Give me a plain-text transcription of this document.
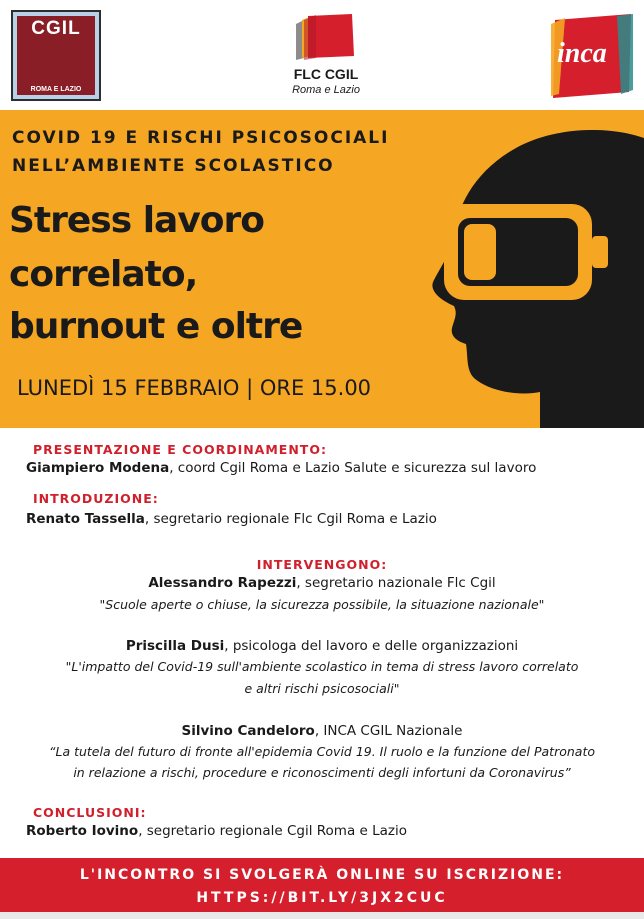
CGIL
ROMA E LAZIO
FLC CGIL
Roma e Lazio
inca
COVID 19 E RISCHI PSICOSOCIALI
NELL’AMBIENTE SCOLASTICO
Stress lavoro
correlato,
burnout e oltre
LUNEDÌ 15 FEBBRAIO | ORE 15.00
PRESENTAZIONE E COORDINAMENTO:
Giampiero Modena, coord Cgil Roma e Lazio Salute e sicurezza sul lavoro
INTRODUZIONE:
Renato Tassella, segretario regionale Flc Cgil Roma e Lazio
INTERVENGONO:
Alessandro Rapezzi, segretario nazionale Flc Cgil
"Scuole aperte o chiuse, la sicurezza possibile, la situazione nazionale"
Priscilla Dusi, psicologa del lavoro e delle organizzazioni
"L'impatto del Covid-19 sull'ambiente scolastico in tema di stress lavoro correlato
e altri rischi psicosociali"
Silvino Candeloro, INCA CGIL Nazionale
“La tutela del futuro di fronte all'epidemia Covid 19. Il ruolo e la funzione del Patronato
in relazione a rischi, procedure e riconoscimenti degli infortuni da Coronavirus”
CONCLUSIONI:
Roberto Iovino, segretario regionale Cgil Roma e Lazio
L'INCONTRO SI SVOLGERÀ ONLINE SU ISCRIZIONE:
HTTPS://BIT.LY/3JX2CUC
